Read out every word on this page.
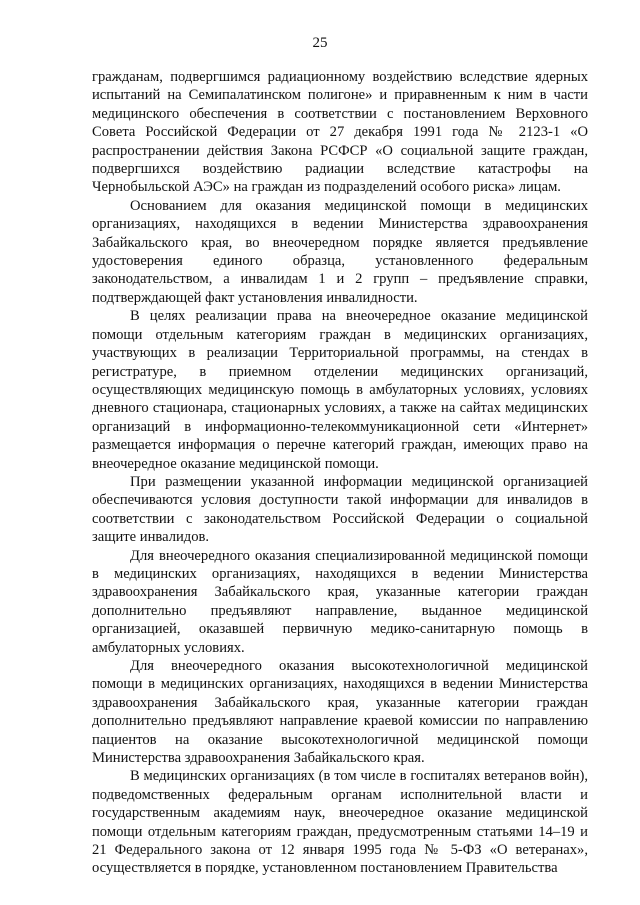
25

гражданам, подвергшимся радиационному воздействию вследствие ядерных испытаний на Семипалатинском полигоне» и приравненным к ним в части медицинского обеспечения в соответствии с постановлением Верховного Совета Российской Федерации от 27 декабря 1991 года № 2123-1 «О распространении действия Закона РСФСР «О социальной защите граждан, подвергшихся воздействию радиации вследствие катастрофы на Чернобыльской АЭС» на граждан из подразделений особого риска» лицам.

Основанием для оказания медицинской помощи в медицинских организациях, находящихся в ведении Министерства здравоохранения Забайкальского края, во внеочередном порядке является предъявление удостоверения единого образца, установленного федеральным законодательством, а инвалидам 1 и 2 групп – предъявление справки, подтверждающей факт установления инвалидности.

В целях реализации права на внеочередное оказание медицинской помощи отдельным категориям граждан в медицинских организациях, участвующих в реализации Территориальной программы, на стендах в регистратуре, в приемном отделении медицинских организаций, осуществляющих медицинскую помощь в амбулаторных условиях, условиях дневного стационара, стационарных условиях, а также на сайтах медицинских организаций в информационно-телекоммуникационной сети «Интернет» размещается информация о перечне категорий граждан, имеющих право на внеочередное оказание медицинской помощи.

При размещении указанной информации медицинской организацией обеспечиваются условия доступности такой информации для инвалидов в соответствии с законодательством Российской Федерации о социальной защите инвалидов.

Для внеочередного оказания специализированной медицинской помощи в медицинских организациях, находящихся в ведении Министерства здравоохранения Забайкальского края, указанные категории граждан дополнительно предъявляют направление, выданное медицинской организацией, оказавшей первичную медико-санитарную помощь в амбулаторных условиях.

Для внеочередного оказания высокотехнологичной медицинской помощи в медицинских организациях, находящихся в ведении Министерства здравоохранения Забайкальского края, указанные категории граждан дополнительно предъявляют направление краевой комиссии по направлению пациентов на оказание высокотехнологичной медицинской помощи Министерства здравоохранения Забайкальского края.

В медицинских организациях (в том числе в госпиталях ветеранов войн), подведомственных федеральным органам исполнительной власти и государственным академиям наук, внеочередное оказание медицинской помощи отдельным категориям граждан, предусмотренным статьями 14–19 и 21 Федерального закона от 12 января 1995 года № 5-ФЗ «О ветеранах», осуществляется в порядке, установленном постановлением Правительства
